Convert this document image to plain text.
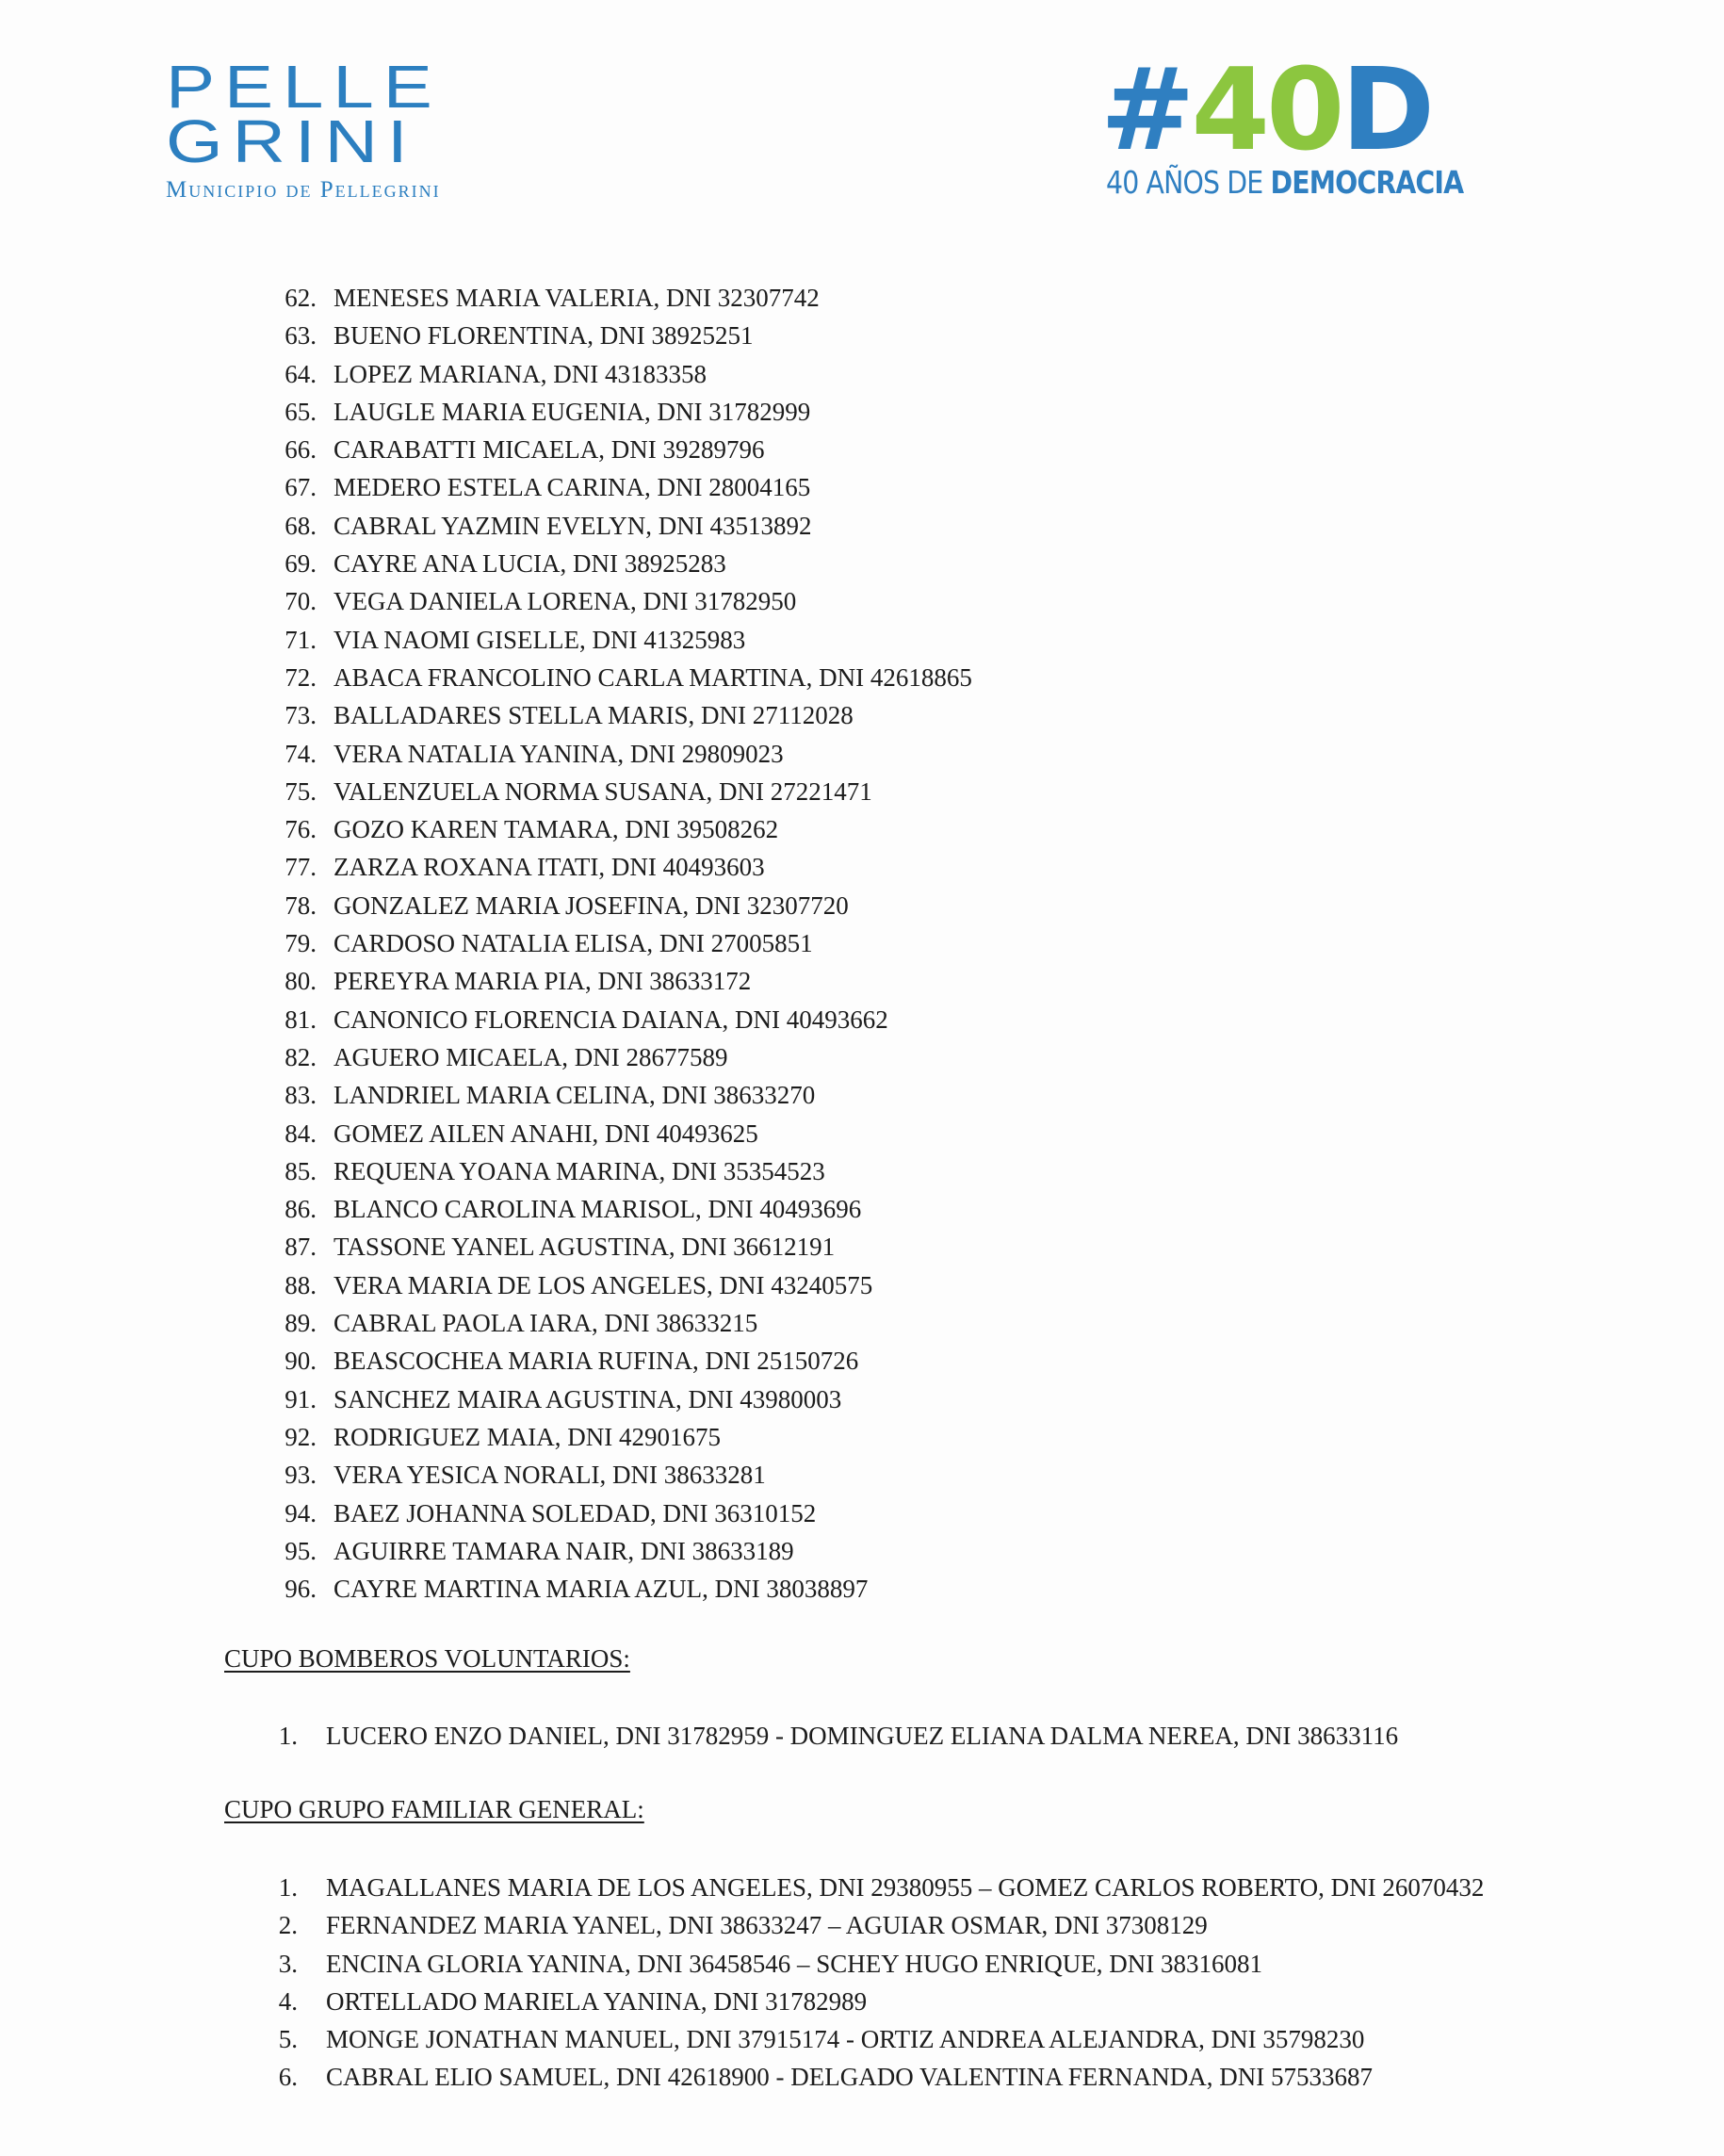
PELLE
GRINI
Municipio de Pellegrini
#40D
40 AÑOS DE DEMOCRACIA
62. MENESES MARIA VALERIA, DNI 32307742
63. BUENO FLORENTINA, DNI 38925251
64. LOPEZ MARIANA, DNI 43183358
65. LAUGLE MARIA EUGENIA, DNI 31782999
66. CARABATTI MICAELA, DNI 39289796
67. MEDERO ESTELA CARINA, DNI 28004165
68. CABRAL YAZMIN EVELYN, DNI 43513892
69. CAYRE ANA LUCIA, DNI 38925283
70. VEGA DANIELA LORENA, DNI 31782950
71. VIA NAOMI GISELLE, DNI 41325983
72. ABACA FRANCOLINO CARLA MARTINA, DNI 42618865
73. BALLADARES STELLA MARIS, DNI 27112028
74. VERA NATALIA YANINA, DNI 29809023
75. VALENZUELA NORMA SUSANA, DNI 27221471
76. GOZO KAREN TAMARA, DNI 39508262
77. ZARZA ROXANA ITATI, DNI 40493603
78. GONZALEZ MARIA JOSEFINA, DNI 32307720
79. CARDOSO NATALIA ELISA, DNI 27005851
80. PEREYRA MARIA PIA, DNI 38633172
81. CANONICO FLORENCIA DAIANA, DNI 40493662
82. AGUERO MICAELA, DNI 28677589
83. LANDRIEL MARIA CELINA, DNI 38633270
84. GOMEZ AILEN ANAHI, DNI 40493625
85. REQUENA YOANA MARINA, DNI 35354523
86. BLANCO CAROLINA MARISOL, DNI 40493696
87. TASSONE YANEL AGUSTINA, DNI 36612191
88. VERA MARIA DE LOS ANGELES, DNI 43240575
89. CABRAL PAOLA IARA, DNI 38633215
90. BEASCOCHEA MARIA RUFINA, DNI 25150726
91. SANCHEZ MAIRA AGUSTINA, DNI 43980003
92. RODRIGUEZ MAIA, DNI 42901675
93. VERA YESICA NORALI, DNI 38633281
94. BAEZ JOHANNA SOLEDAD, DNI 36310152
95. AGUIRRE TAMARA NAIR, DNI 38633189
96. CAYRE MARTINA MARIA AZUL, DNI 38038897
CUPO BOMBEROS VOLUNTARIOS:
1. LUCERO ENZO DANIEL, DNI 31782959 - DOMINGUEZ ELIANA DALMA NEREA, DNI 38633116
CUPO GRUPO FAMILIAR GENERAL:
1. MAGALLANES MARIA DE LOS ANGELES, DNI 29380955 – GOMEZ CARLOS ROBERTO, DNI 26070432
2. FERNANDEZ MARIA YANEL, DNI 38633247 – AGUIAR OSMAR, DNI 37308129
3. ENCINA GLORIA YANINA, DNI 36458546 – SCHEY HUGO ENRIQUE, DNI 38316081
4. ORTELLADO MARIELA YANINA, DNI 31782989
5. MONGE JONATHAN MANUEL, DNI 37915174 - ORTIZ ANDREA ALEJANDRA, DNI 35798230
6. CABRAL ELIO SAMUEL, DNI 42618900 - DELGADO VALENTINA FERNANDA, DNI 57533687
